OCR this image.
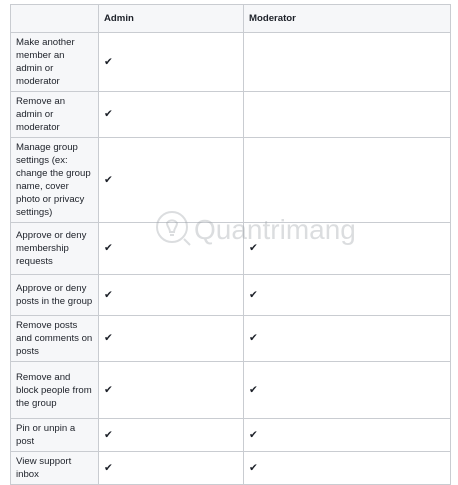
	Admin	Moderator
Make another member an admin or moderator	✔	
Remove an admin or moderator	✔	
Manage group settings (ex: change the group name, cover photo or privacy settings)	✔	
Approve or deny membership requests	✔	✔
Approve or deny posts in the group	✔	✔
Remove posts and comments on posts	✔	✔
Remove and block people from the group	✔	✔
Pin or unpin a post	✔	✔
View support inbox	✔	✔
Quantrimang
